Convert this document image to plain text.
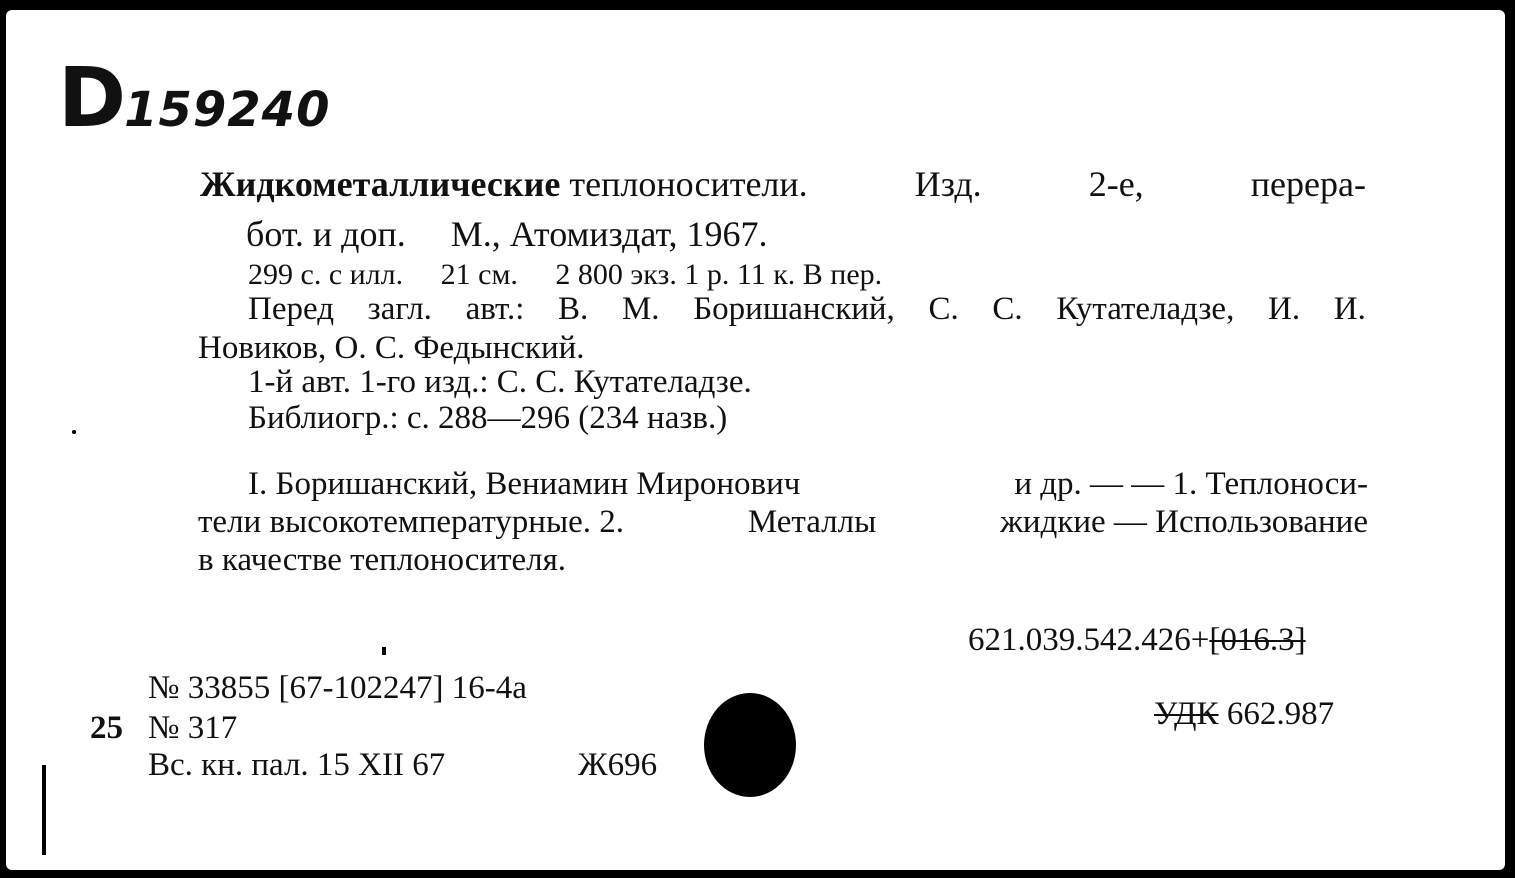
D159240
Жидкометаллические теплоносители.	Изд.	2-е,	перера-
бот. и доп.     М., Атомиздат, 1967.
299 с. с илл.     21 см.     2 800 экз. 1 р. 11 к. В пер.
Перед загл. авт.: В. М. Боришанский, С. С. Кутателадзе, И. И.
Новиков, О. С. Федынский.
1-й авт. 1-го изд.: С. С. Кутателадзе.
Библиогр.: с. 288—296 (234 назв.)
I. Боришанский, Вениамин Миронович	и др. — — 1. Теплоноси-
тели высокотемпературные. 2.	Металлы	жидкие — Использование
в качестве теплоносителя.
621.039.542.426+[016.3]
УДК 662.987
№ 33855 [67-102247] 16-4а
25 № 317
Вс. кн. пал. 15 XII 67	Ж696
